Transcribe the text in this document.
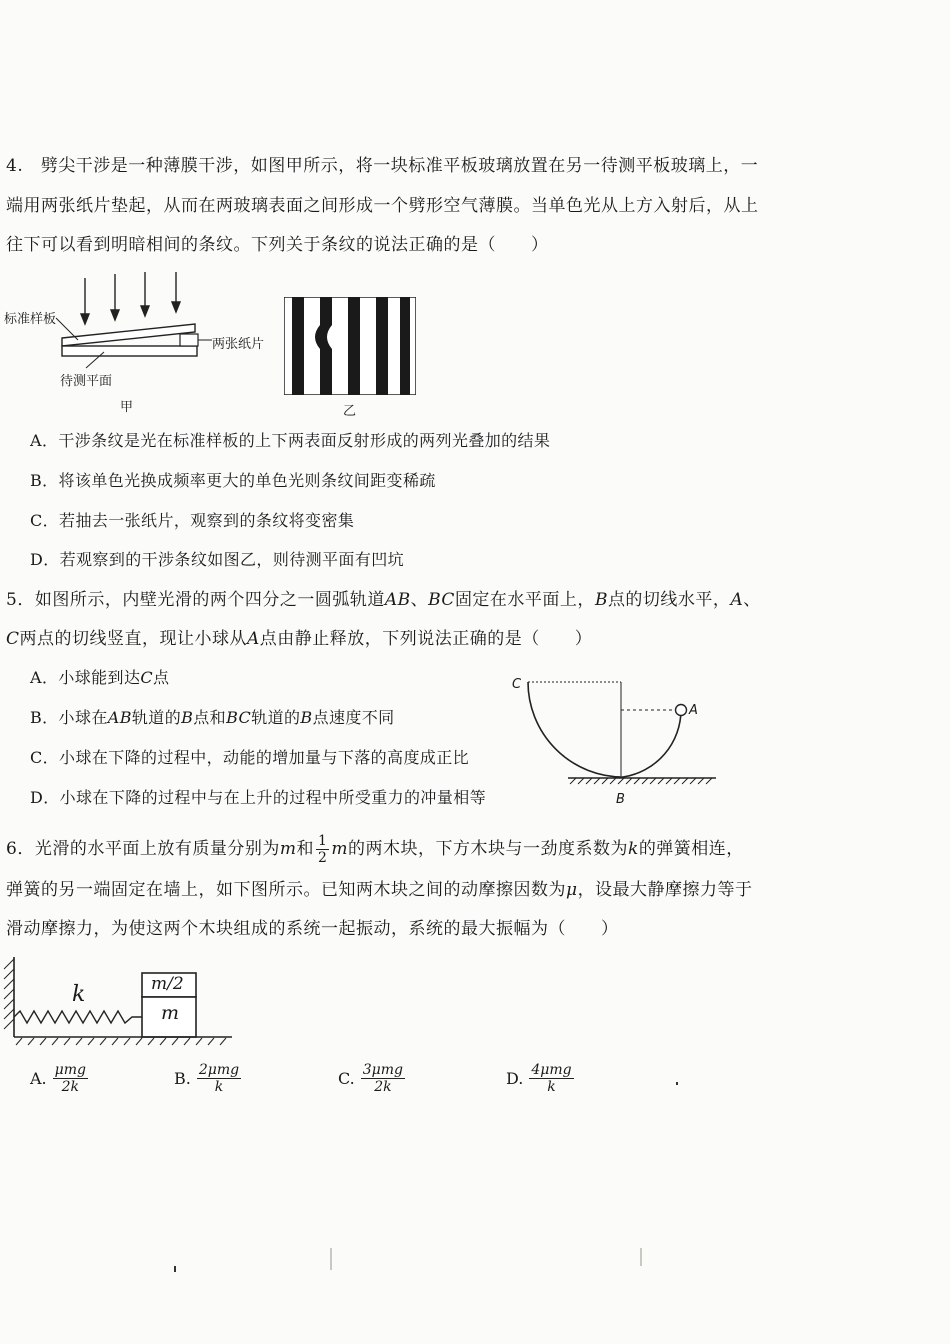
4.　劈尖干涉是一种薄膜干涉，如图甲所示，将一块标准平板玻璃放置在另一待测平板玻璃上，一
端用两张纸片垫起，从而在两玻璃表面之间形成一个劈形空气薄膜。当单色光从上方入射后，从上
往下可以看到明暗相间的条纹。下列关于条纹的说法正确的是（　　）
标准样板
两张纸片
待测平面
甲	乙
A．干涉条纹是光在标准样板的上下两表面反射形成的两列光叠加的结果
B．将该单色光换成频率更大的单色光则条纹间距变稀疏
C．若抽去一张纸片，观察到的条纹将变密集
D．若观察到的干涉条纹如图乙，则待测平面有凹坑
5．如图所示，内壁光滑的两个四分之一圆弧轨道AB、BC固定在水平面上，B点的切线水平，A、
C两点的切线竖直，现让小球从A点由静止释放，下列说法正确的是（　　）
A．小球能到达C点
B．小球在AB轨道的B点和BC轨道的B点速度不同
C．小球在下降的过程中，动能的增加量与下落的高度成正比
D．小球在下降的过程中与在上升的过程中所受重力的冲量相等
C
A
B
6．光滑的水平面上放有质量分别为m和 $\frac{1}{2}$ m的两木块，下方木块与一劲度系数为k的弹簧相连，
弹簧的另一端固定在墙上，如下图所示。已知两木块之间的动摩擦因数为μ，设最大静摩擦力等于
滑动摩擦力，为使这两个木块组成的系统一起振动，系统的最大振幅为（　　）
k	m/2
m
A. $\frac{\text{μmg}}{2k}$	B. $\frac{\text{2μmg}}{k}$	C. $\frac{\text{3μmg}}{2k}$	D. $\frac{\text{4μmg}}{k}$
